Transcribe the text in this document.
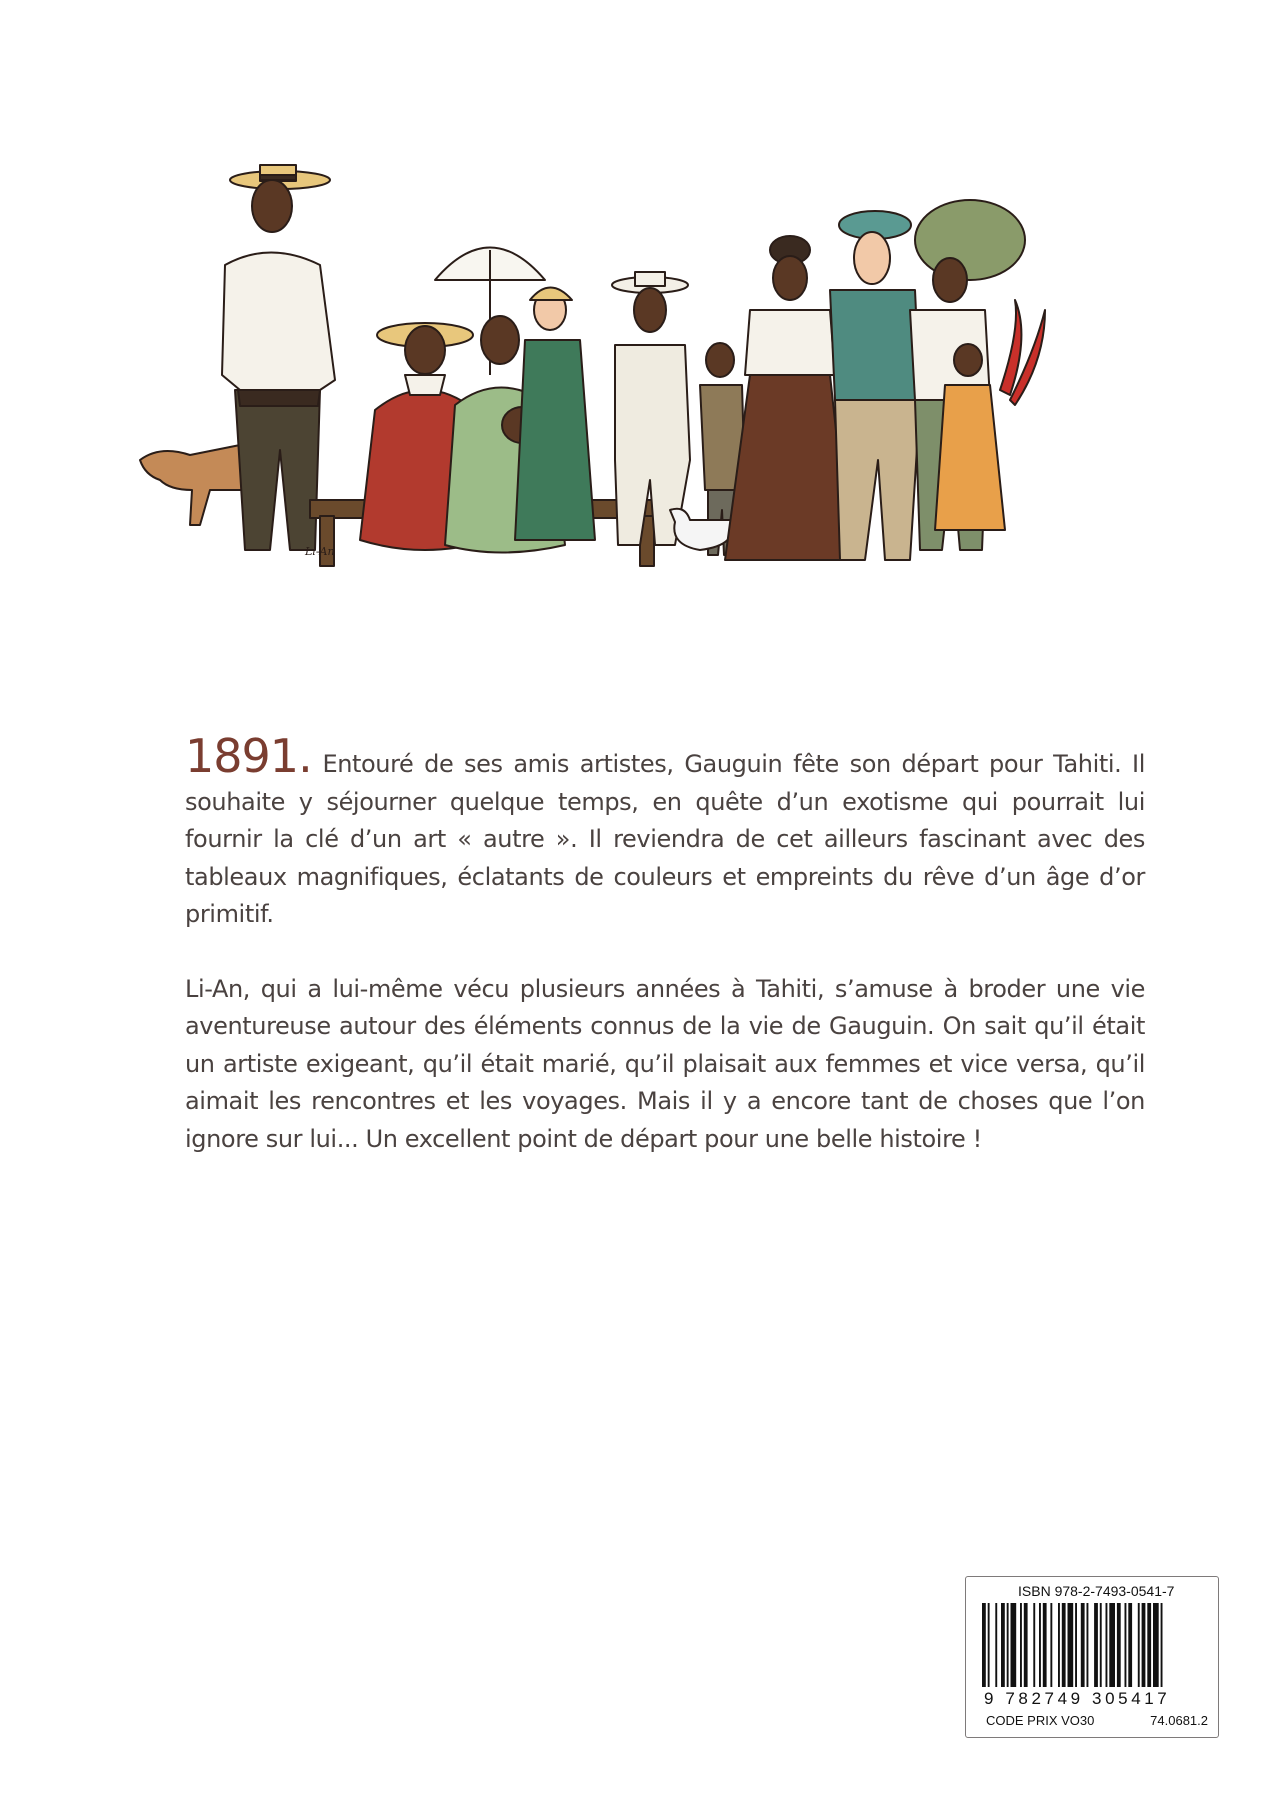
Li-An

1891. Entouré de ses amis artistes, Gauguin fête son départ pour Tahiti. Il souhaite y séjourner quelque temps, en quête d’un exotisme qui pourrait lui fournir la clé d’un art « autre ». Il reviendra de cet ailleurs fascinant avec des tableaux magnifiques, éclatants de couleurs et empreints du rêve d’un âge d’or primitif.

Li-An, qui a lui-même vécu plusieurs années à Tahiti, s’amuse à broder une vie aventureuse autour des éléments connus de la vie de Gauguin. On sait qu’il était un artiste exigeant, qu’il était marié, qu’il plaisait aux femmes et vice versa, qu’il aimait les rencontres et les voyages. Mais il y a encore tant de choses que l’on ignore sur lui... Un excellent point de départ pour une belle histoire !

ISBN 978-2-7493-0541-7
9 782749 305417
CODE PRIX VO30	74.0681.2
